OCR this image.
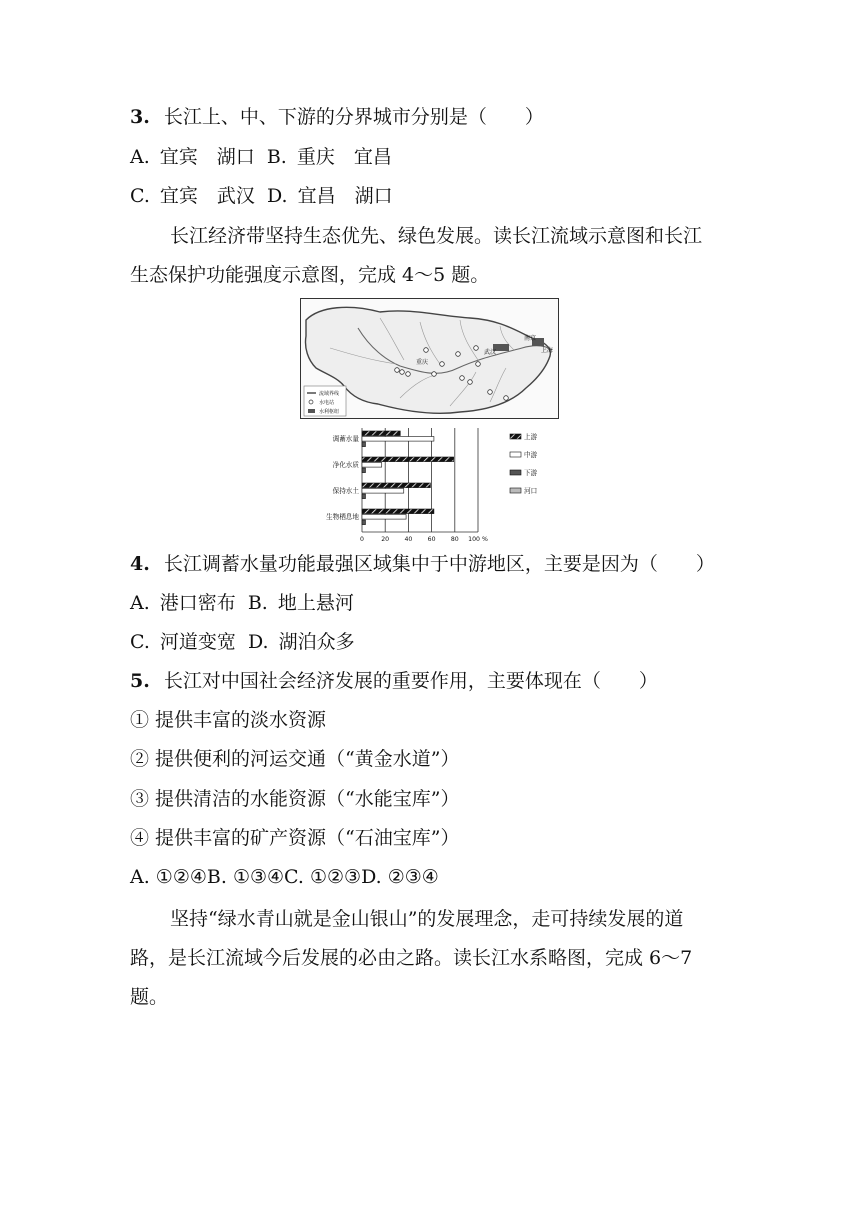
3. 长江上、中、下游的分界城市分别是（　　）
A. 宜宾　湖口 B. 重庆　宜昌
C. 宜宾　武汉 D. 宜昌　湖口
长江经济带坚持生态优先、绿色发展。读长江流域示意图和长江
生态保护功能强度示意图，完成 4～5 题。
重庆
武汉
南京
上海
流域界线
水电站
水利枢纽
0	20 40 60 80 100 %
调蓄水量
净化水质
保持水土
生物栖息地
上游
中游
下游
河口
4. 长江调蓄水量功能最强区域集中于中游地区，主要是因为（　　）
A. 港口密布 B. 地上悬河
C. 河道变宽 D. 湖泊众多
5. 长江对中国社会经济发展的重要作用，主要体现在（　　）
① 提供丰富的淡水资源
② 提供便利的河运交通（“黄金水道”）
③ 提供清洁的水能资源（“水能宝库”）
④ 提供丰富的矿产资源（“石油宝库”）
A. ①②④B. ①③④C. ①②③D. ②③④
坚持“绿水青山就是金山银山”的发展理念，走可持续发展的道
路，是长江流域今后发展的必由之路。读长江水系略图，完成 6～7
题。
